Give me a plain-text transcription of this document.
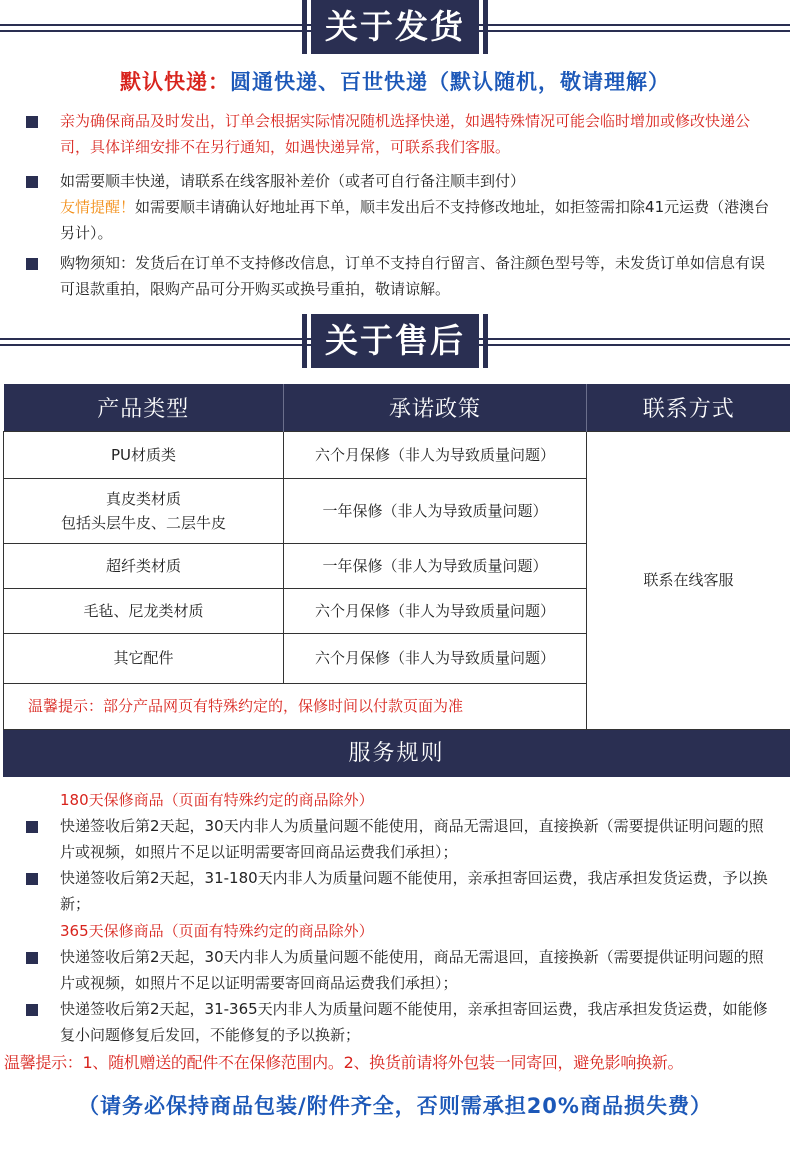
关于发货
默认快递：圆通快递、百世快递（默认随机，敬请理解）
亲为确保商品及时发出，订单会根据实际情况随机选择快递，如遇特殊情况可能会临时增加或修改快递公司，具体详细安排不在另行通知，如遇快递异常，可联系我们客服。
如需要顺丰快递，请联系在线客服补差价（或者可自行备注顺丰到付）
友情提醒！如需要顺丰请确认好地址再下单，顺丰发出后不支持修改地址，如拒签需扣除41元运费（港澳台另计）。
购物须知：发货后在订单不支持修改信息，订单不支持自行留言、备注颜色型号等，未发货订单如信息有误可退款重拍，限购产品可分开购买或换号重拍，敬请谅解。
关于售后
产品类型	承诺政策	联系方式
PU材质类	六个月保修（非人为导致质量问题）	联系在线客服
真皮类材质
包括头层牛皮、二层牛皮	一年保修（非人为导致质量问题）	
超纤类材质	一年保修（非人为导致质量问题）	
毛毡、尼龙类材质	六个月保修（非人为导致质量问题）	
其它配件	六个月保修（非人为导致质量问题）	
温馨提示：部分产品网页有特殊约定的，保修时间以付款页面为准		
服务规则
180天保修商品（页面有特殊约定的商品除外）
快递签收后第2天起，30天内非人为质量问题不能使用，商品无需退回，直接换新（需要提供证明问题的照片或视频，如照片不足以证明需要寄回商品运费我们承担）；
快递签收后第2天起，31-180天内非人为质量问题不能使用，亲承担寄回运费，我店承担发货运费，予以换新；
365天保修商品（页面有特殊约定的商品除外）
快递签收后第2天起，30天内非人为质量问题不能使用，商品无需退回，直接换新（需要提供证明问题的照片或视频，如照片不足以证明需要寄回商品运费我们承担）；
快递签收后第2天起，31-365天内非人为质量问题不能使用，亲承担寄回运费，我店承担发货运费，如能修复小问题修复后发回，不能修复的予以换新；
温馨提示：1、随机赠送的配件不在保修范围内。2、换货前请将外包装一同寄回，避免影响换新。
（请务必保持商品包装/附件齐全，否则需承担20%商品损失费）
